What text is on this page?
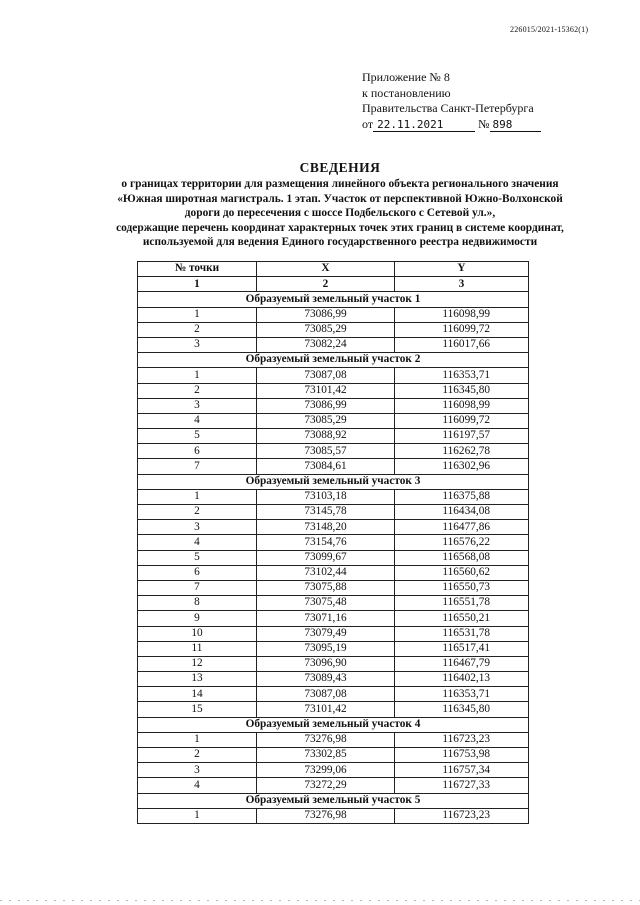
226015/2021-15362(1)
Приложение № 8
к постановлению
Правительства Санкт-Петербурга
от 22.11.2021	№ 898
СВЕДЕНИЯ
о границах территории для размещения линейного объекта регионального значения
«Южная широтная магистраль. 1 этап. Участок от перспективной Южно-Волхонской
дороги до пересечения с шоссе Подбельского с Сетевой ул.»,
содержащие перечень координат характерных точек этих границ в системе координат,
используемой для ведения Единого государственного реестра недвижимости
№ точки	X	Y
1	2	3
Образуемый земельный участок 1		
1	73086,99	116098,99
2	73085,29	116099,72
3	73082,24	116017,66
Образуемый земельный участок 2		
1	73087,08	116353,71
2	73101,42	116345,80
3	73086,99	116098,99
4	73085,29	116099,72
5	73088,92	116197,57
6	73085,57	116262,78
7	73084,61	116302,96
Образуемый земельный участок 3		
1	73103,18	116375,88
2	73145,78	116434,08
3	73148,20	116477,86
4	73154,76	116576,22
5	73099,67	116568,08
6	73102,44	116560,62
7	73075,88	116550,73
8	73075,48	116551,78
9	73071,16	116550,21
10	73079,49	116531,78
11	73095,19	116517,41
12	73096,90	116467,79
13	73089,43	116402,13
14	73087,08	116353,71
15	73101,42	116345,80
Образуемый земельный участок 4		
1	73276,98	116723,23
2	73302,85	116753,98
3	73299,06	116757,34
4	73272,29	116727,33
Образуемый земельный участок 5		
1	73276,98	116723,23
